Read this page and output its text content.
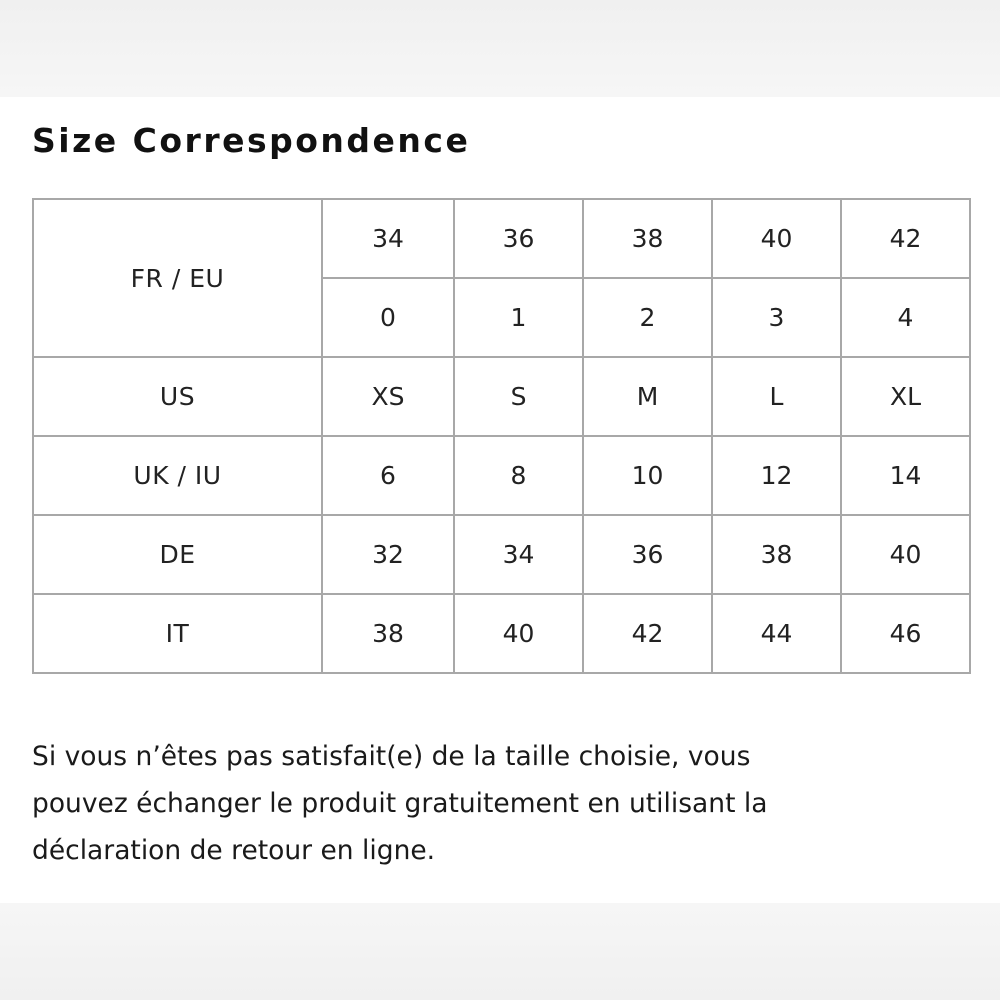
Size Correspondence
FR / EU	34	36	38	40	42
	0	1	2	3	4
US	XS	S	M	L	XL
UK / IU	6	8	10	12	14
DE	32	34	36	38	40
IT	38	40	42	44	46

Si vous n’êtes pas satisfait(e) de la taille choisie, vous
pouvez échanger le produit gratuitement en utilisant la
déclaration de retour en ligne.
